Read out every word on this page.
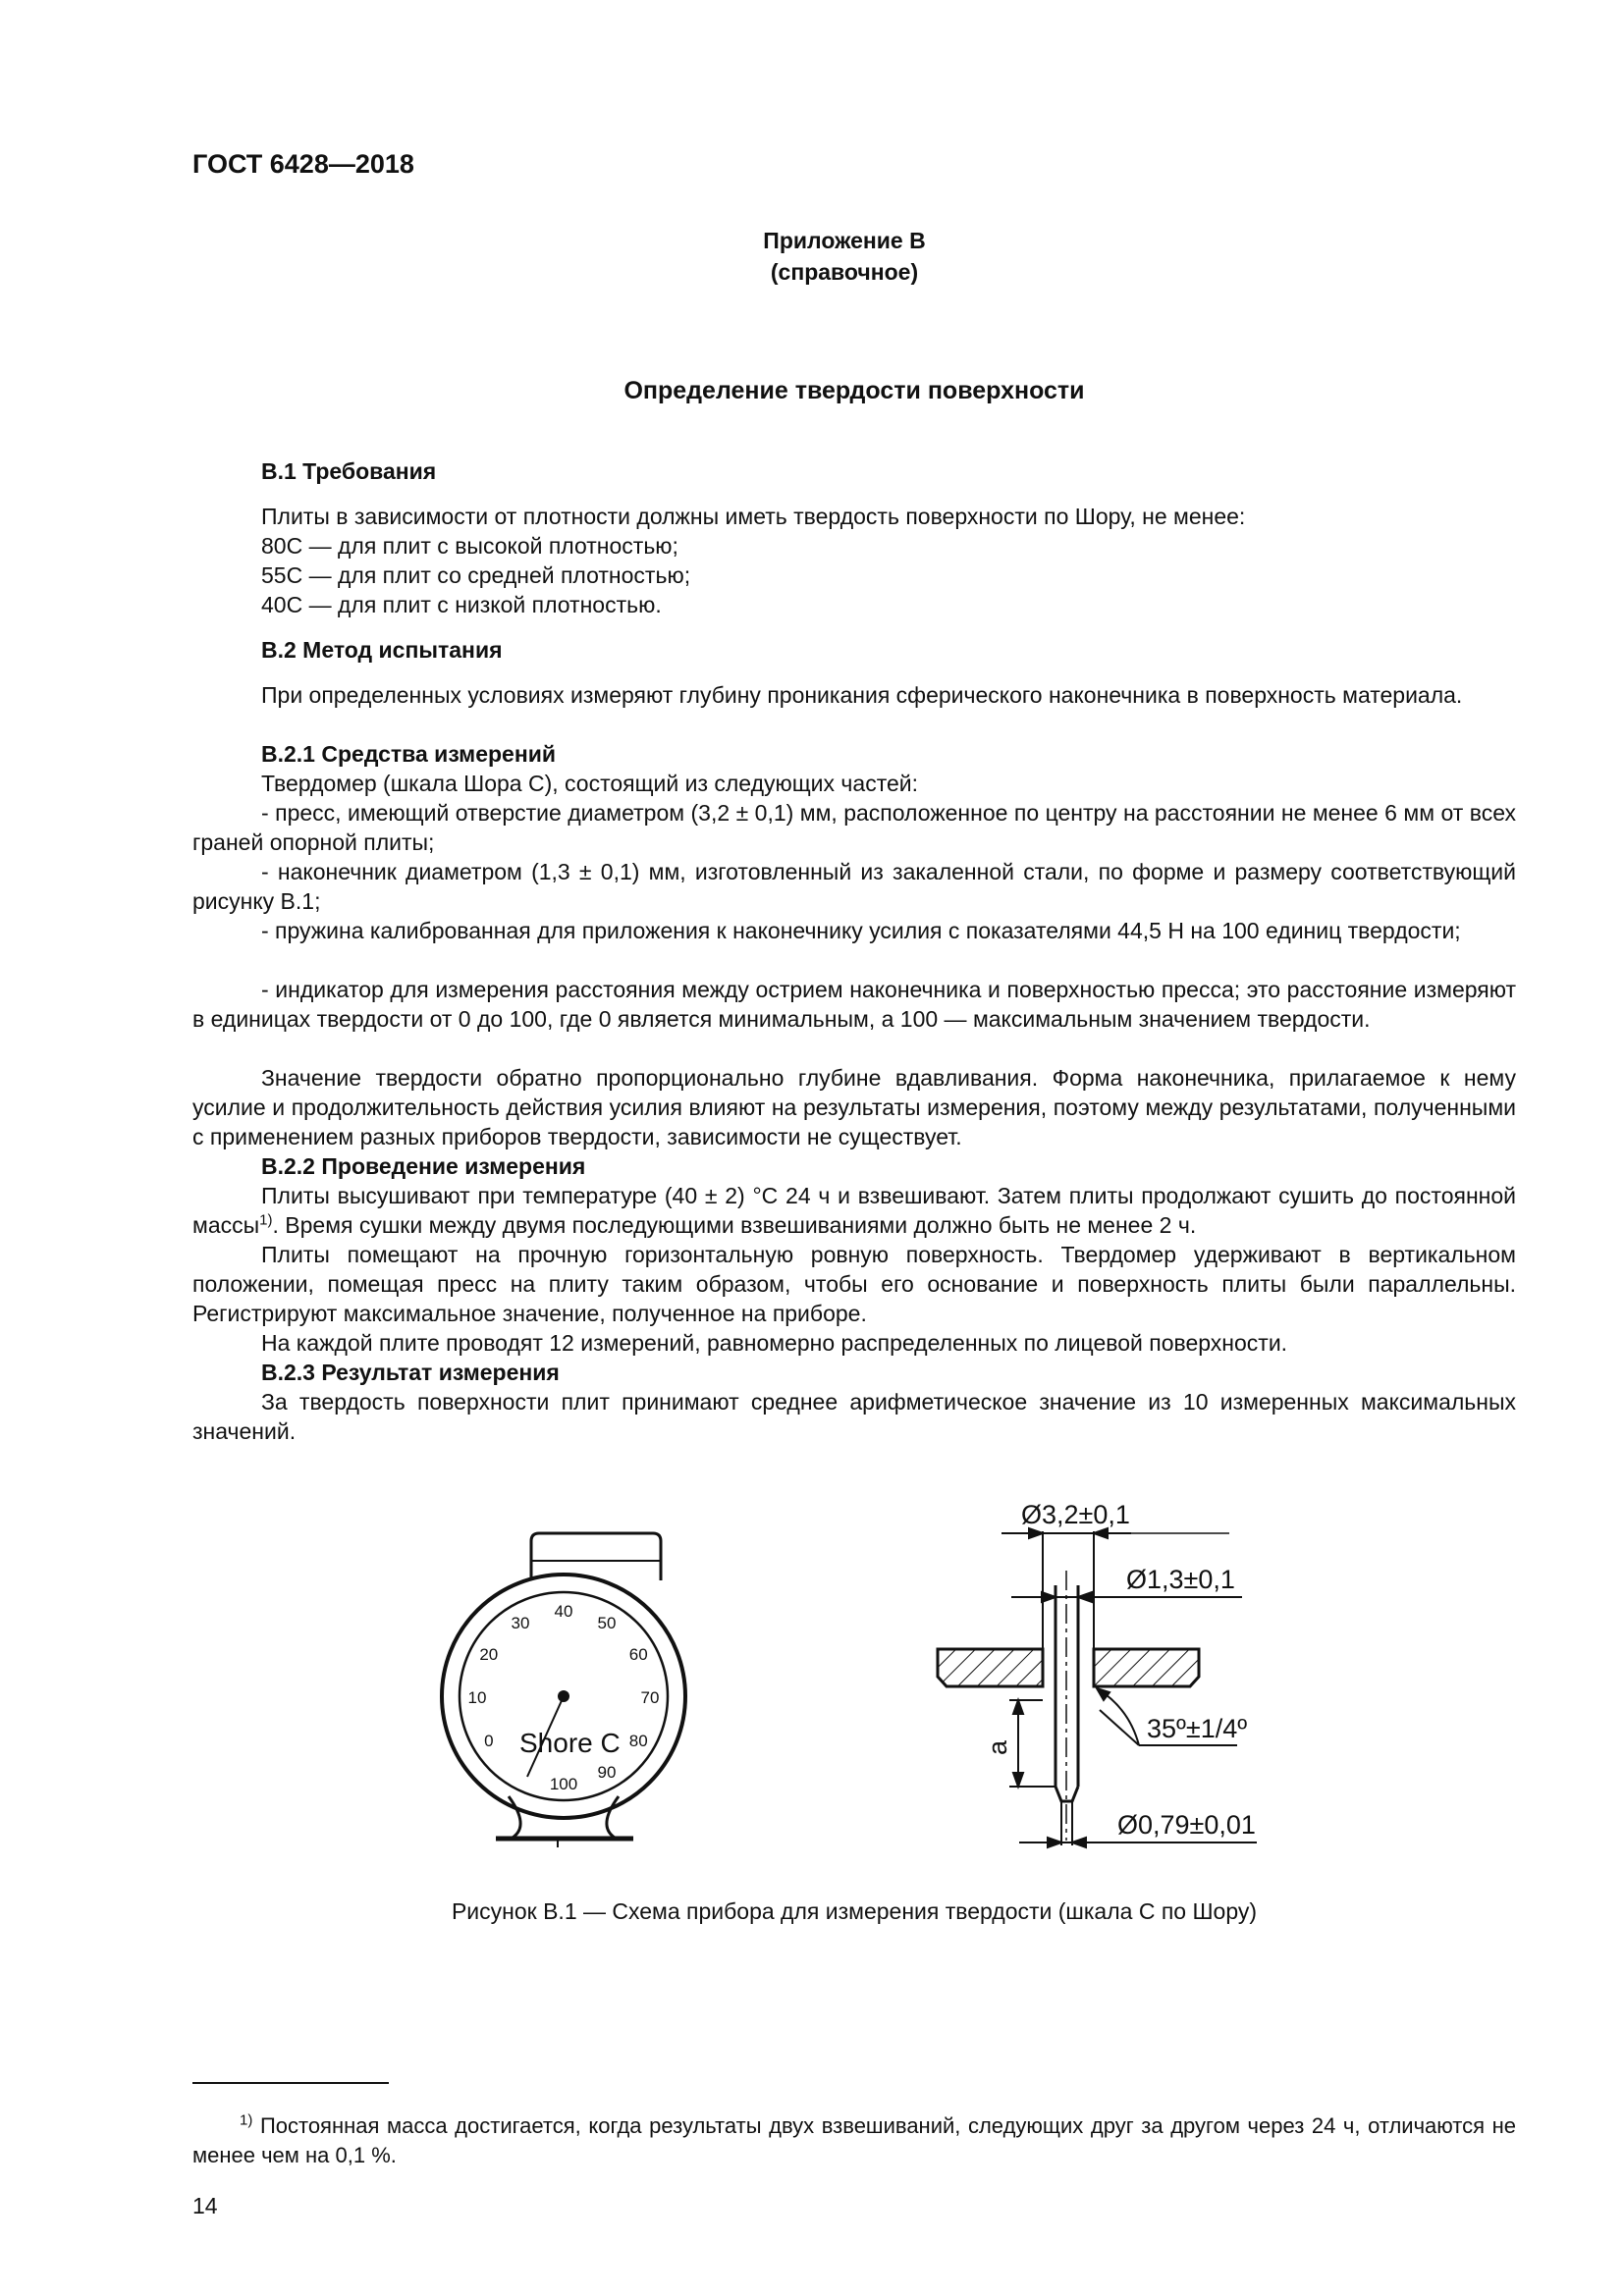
ГОСТ 6428—2018
Приложение В
(справочное)
Определение твердости поверхности
В.1 Требования
Плиты в зависимости от плотности должны иметь твердость поверхности по Шору, не менее:
80С — для плит с высокой плотностью;
55С — для плит со средней плотностью;
40С — для плит с низкой плотностью.
В.2 Метод испытания
При определенных условиях измеряют глубину проникания сферического наконечника в поверхность материала.
В.2.1 Средства измерений
Твердомер (шкала Шора С), состоящий из следующих частей:
- пресс, имеющий отверстие диаметром (3,2 ± 0,1) мм, расположенное по центру на расстоянии не менее 6 мм от всех граней опорной плиты;
- наконечник диаметром (1,3 ± 0,1) мм, изготовленный из закаленной стали, по форме и размеру соответствующий рисунку В.1;
- пружина калиброванная для приложения к наконечнику усилия с показателями 44,5 Н на 100 единиц твердости;
- индикатор для измерения расстояния между острием наконечника и поверхностью пресса; это расстояние измеряют в единицах твердости от 0 до 100, где 0 является минимальным, а 100 — максимальным значением твердости.
Значение твердости обратно пропорционально глубине вдавливания. Форма наконечника, прилагаемое к нему усилие и продолжительность действия усилия влияют на результаты измерения, поэтому между результатами, полученными с применением разных приборов твердости, зависимости не существует.
В.2.2 Проведение измерения
Плиты высушивают при температуре (40 ± 2) °С 24 ч и взвешивают. Затем плиты продолжают сушить до постоянной массы$^{1)}$. Время сушки между двумя последующими взвешиваниями должно быть не менее 2 ч.
Плиты помещают на прочную горизонтальную ровную поверхность. Твердомер удерживают в вертикальном положении, помещая пресс на плиту таким образом, чтобы его основание и поверхность плиты были параллельны. Регистрируют максимальное значение, полученное на приборе.
На каждой плите проводят 12 измерений, равномерно распределенных по лицевой поверхности.
В.2.3 Результат измерения
За твердость поверхности плит принимают среднее арифметическое значение из 10 измеренных максимальных значений.
0
10
20
30
40
50
60
70
80
90
100
Shore C
Ø3,2±0,1
Ø1,3±0,1
35º±1/4º
Ø0,79±0,01
a
Рисунок В.1 — Схема прибора для измерения твердости (шкала С по Шору)
$^{1)}$ Постоянная масса достигается, когда результаты двух взвешиваний, следующих друг за другом через 24 ч, отличаются не менее чем на 0,1 %.
14
